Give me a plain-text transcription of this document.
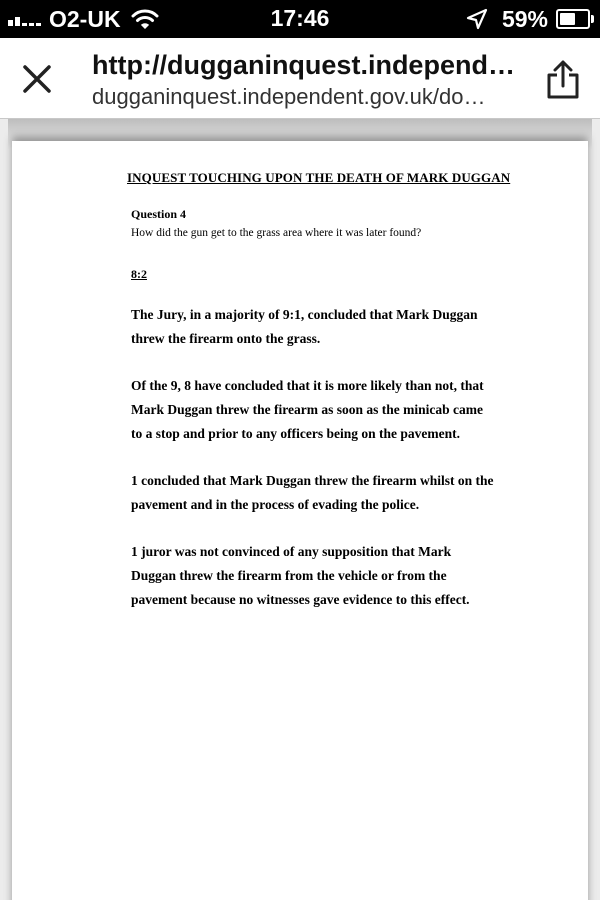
O2-UK	17:46	59%
http://dugganinquest.independ…
dugganinquest.independent.gov.uk/do…
INQUEST TOUCHING UPON THE DEATH OF MARK DUGGAN
Question 4
How did the gun get to the grass area where it was later found?
8:2
The Jury, in a majority of 9:1, concluded that Mark Duggan
threw the firearm onto the grass.
Of the 9, 8 have concluded that it is more likely than not, that
Mark Duggan threw the firearm as soon as the minicab came
to a stop and prior to any officers being on the pavement.
1 concluded that Mark Duggan threw the firearm whilst on the
pavement and in the process of evading the police.
1 juror was not convinced of any supposition that Mark
Duggan threw the firearm from the vehicle or from the
pavement because no witnesses gave evidence to this effect.
